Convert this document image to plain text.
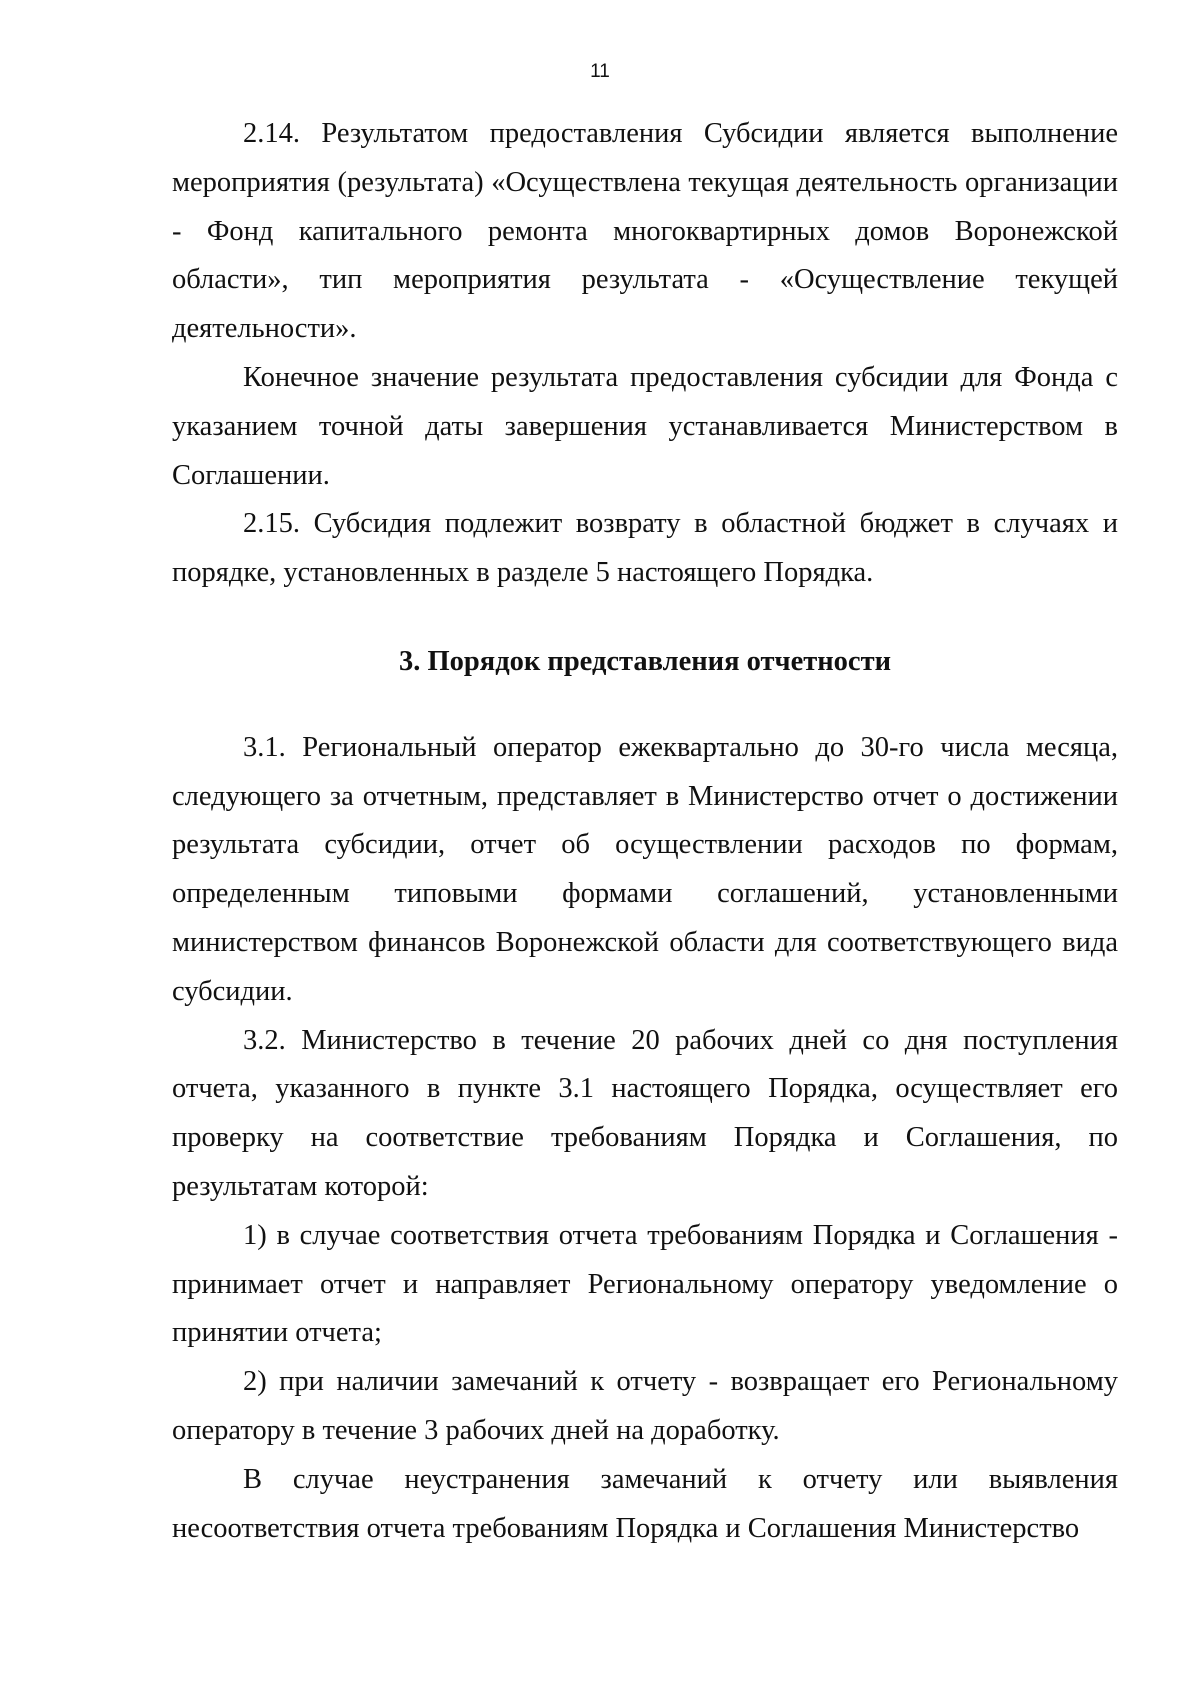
11

2.14. Результатом предоставления Субсидии является выполнение мероприятия (результата) «Осуществлена текущая деятельность организации - Фонд капитального ремонта многоквартирных домов Воронежской области», тип мероприятия результата - «Осуществление текущей деятельности».

Конечное значение результата предоставления субсидии для Фонда с указанием точной даты завершения устанавливается Министерством в Соглашении.

2.15. Субсидия подлежит возврату в областной бюджет в случаях и порядке, установленных в разделе 5 настоящего Порядка.

3. Порядок представления отчетности

3.1. Региональный оператор ежеквартально до 30-го числа месяца, следующего за отчетным, представляет в Министерство отчет о достижении результата субсидии, отчет об осуществлении расходов по формам, определенным типовыми формами соглашений, установленными министерством финансов Воронежской области для соответствующего вида субсидии.

3.2. Министерство в течение 20 рабочих дней со дня поступления отчета, указанного в пункте 3.1 настоящего Порядка, осуществляет его проверку на соответствие требованиям Порядка и Соглашения, по результатам которой:

1) в случае соответствия отчета требованиям Порядка и Соглашения - принимает отчет и направляет Региональному оператору уведомление о принятии отчета;

2) при наличии замечаний к отчету - возвращает его Региональному оператору в течение 3 рабочих дней на доработку.

В случае неустранения замечаний к отчету или выявления несоответствия отчета требованиям Порядка и Соглашения Министерство
